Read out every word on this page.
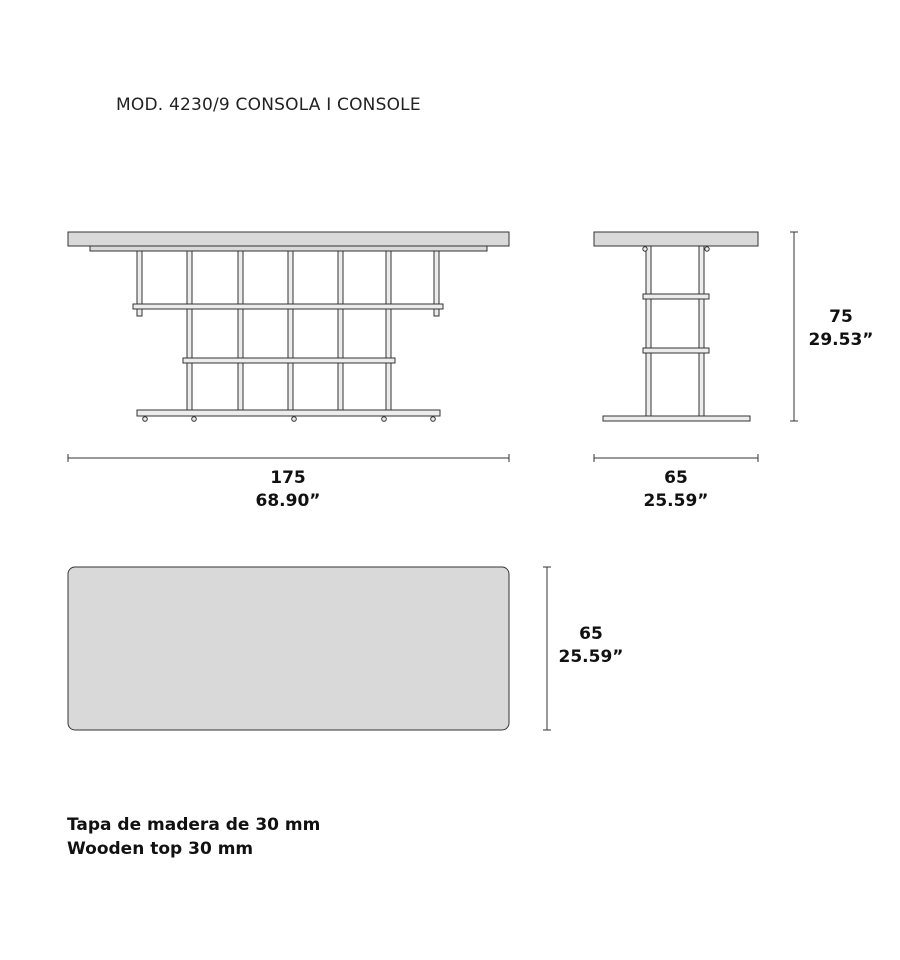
MOD. 4230/9 CONSOLA I CONSOLE
175
68.90”
65
25.59”
75
29.53”
65
25.59”
Tapa de madera de 30 mm
Wooden top 30 mm
